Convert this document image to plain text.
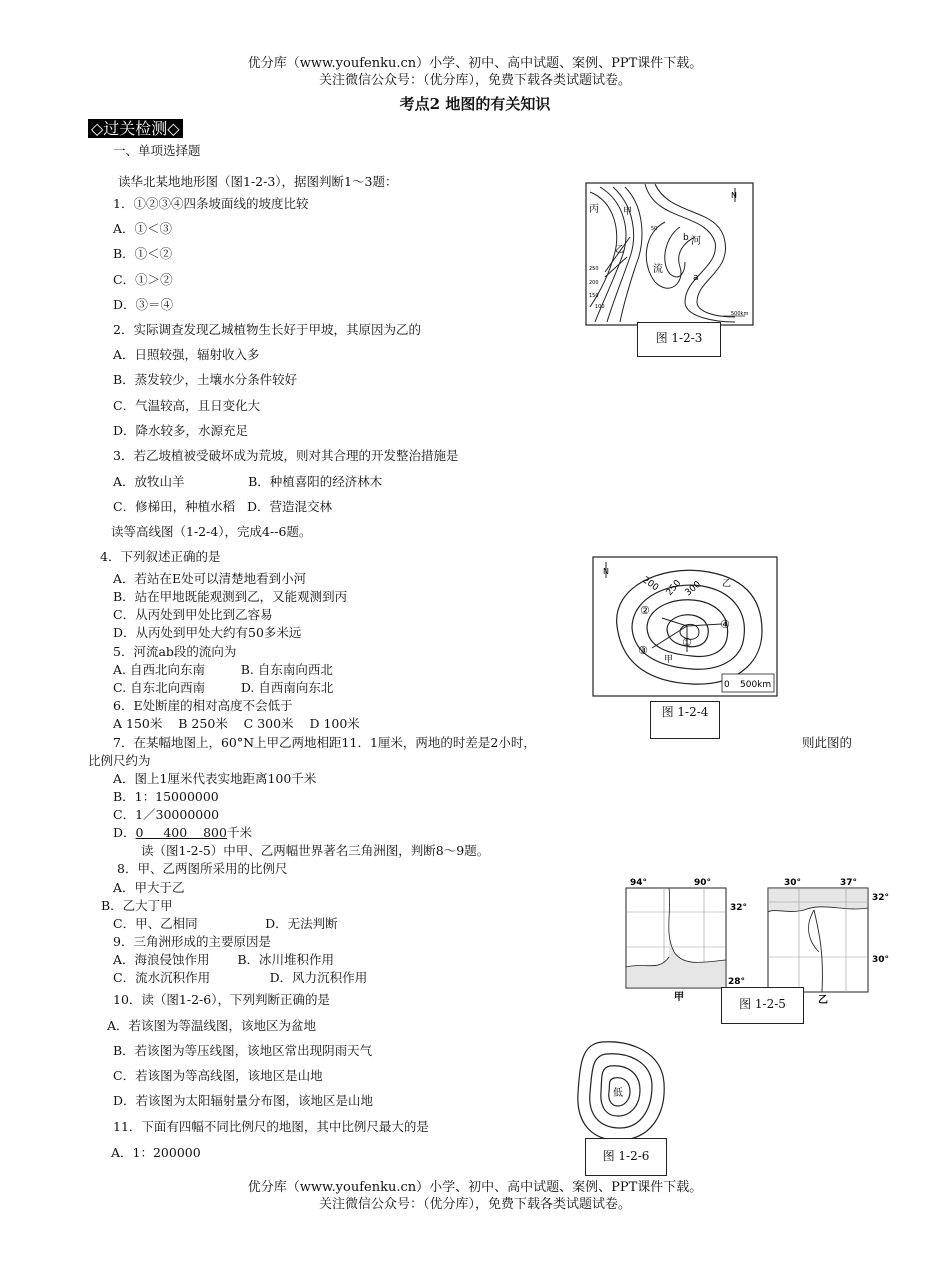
优分库（www.youfenku.cn）小学、初中、高中试题、案例、PPT课件下载。
关注微信公众号：（优分库），免费下载各类试题试卷。
考点2 地图的有关知识
◇过关检测◇
一、单项选择题
读华北某地地形图（图1-2-3），据图判断1～3题：
1．①②③④四条坡面线的坡度比较
A．①＜③
B．①＜②
C．①＞②
D．③＝④
2．实际调查发现乙城植物生长好于甲坡，其原因为乙的
A．日照较强，辐射收入多
B．蒸发较少，土壤水分条件较好
C．气温较高，且日变化大
D．降水较多，水源充足
3．若乙坡植被受破坏成为荒坡，则对其合理的开发整治措施是
A．放牧山羊                B．种植喜阳的经济林木
C．修梯田，种植水稻   D．营造混交林
读等高线图（1-2-4），完成4--6题。
4．下列叙述正确的是
A．若站在E处可以清楚地看到小河
B．站在甲地既能观测到乙，又能观测到丙
C．从丙处到甲处比到乙容易
D．从丙处到甲处大约有50多米远
5．河流ab段的流向为
A. 自西北向东南         B. 自东南向西北
C. 自东北向西南         D. 自西南向东北
6．E处断崖的相对高度不会低于
A 150米    B 250米    C 300米    D 100米
7．在某幅地图上，60°N上甲乙两地相距11．1厘米，两地的时差是2小时，	则此图的
比例尺约为
A．图上1厘米代表实地距离100千米
B．1：15000000
C．1／30000000
D．0     400    800千米
读（图1-2-5）中甲、乙两幅世界著名三角洲图，判断8～9题。
8．甲、乙两图所采用的比例尺
A．甲大于乙
B．乙大丁甲
C．甲、乙相同                 D．无法判断
9．三角洲形成的主要原因是
A．海浪侵蚀作用       B．冰川堆积作用
C．流水沉积作用               D．风力沉积作用
10．读（图1-2-6），下列判断正确的是
A．若该图为等温线图，该地区为盆地
B．若该图为等压线图，该地区常出现阴雨天气
C．若该图为等高线图，该地区是山地
D．若该图为太阳辐射量分布图，该地区是山地
11．下面有四幅不同比例尺的地图，其中比例尺最大的是
A．1：200000
N
丙	甲
乙
河
流
b
a
250
200
150
100
50
500km
图 1-2-3
N
200 250 300
②
①
④
③
乙
甲
0 500km
图 1-2-4
94°	90°
32°
28°
甲
30°	37°
32°
30°
乙
图 1-2-5
低
图 1-2-6
优分库（www.youfenku.cn）小学、初中、高中试题、案例、PPT课件下载。
关注微信公众号：（优分库），免费下载各类试题试卷。
